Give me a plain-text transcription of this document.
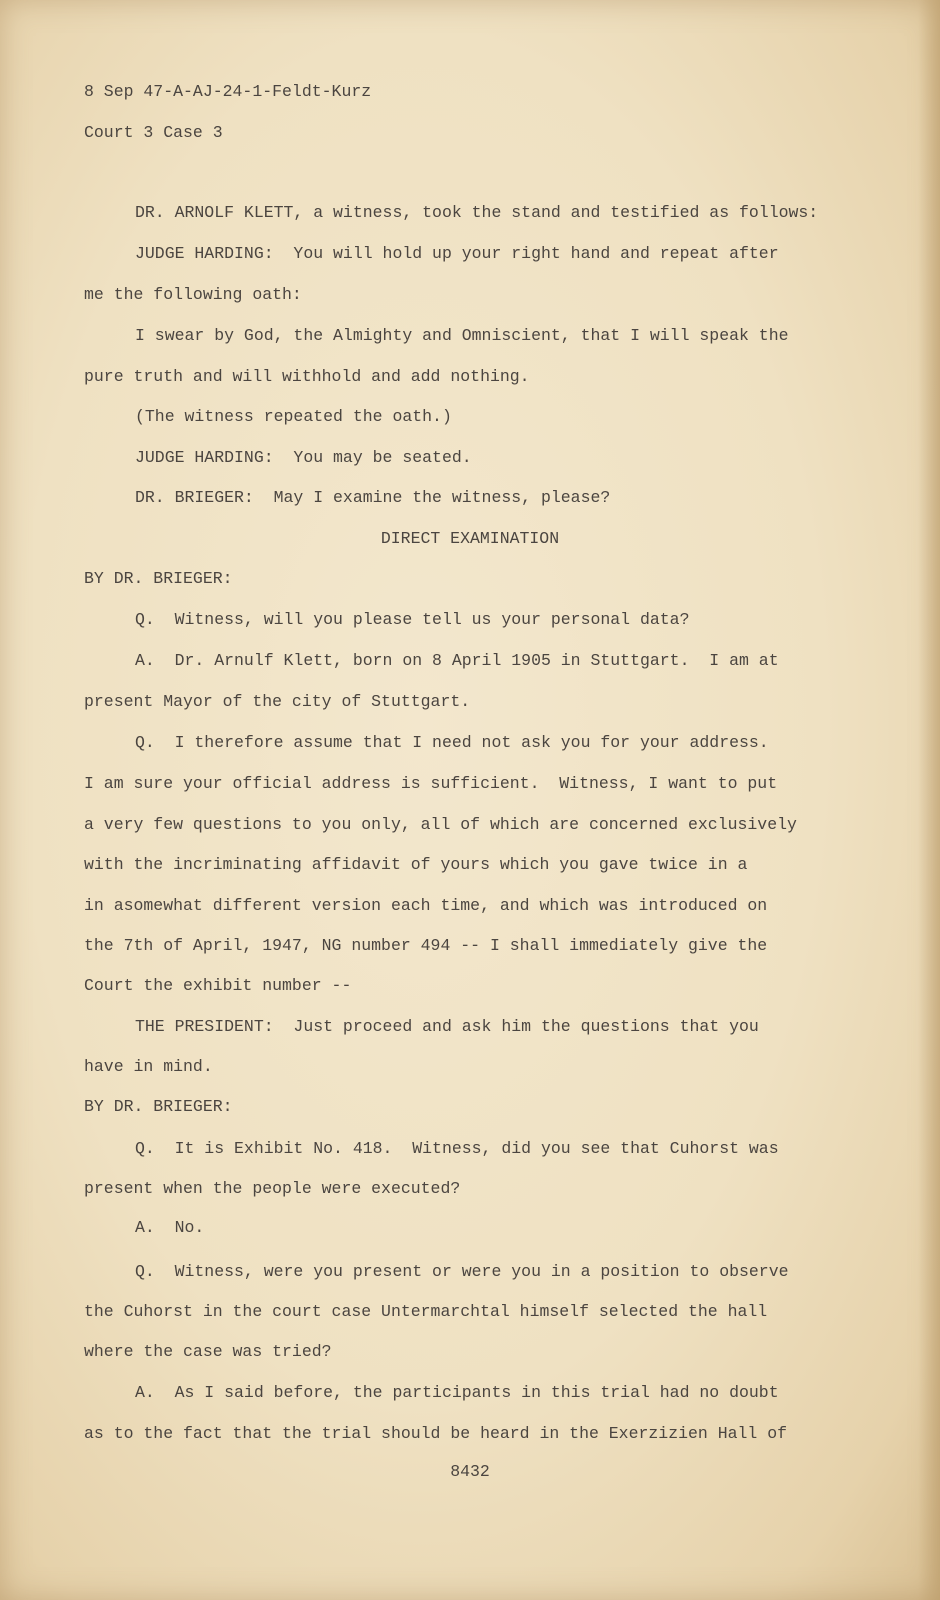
8 Sep 47-A-AJ-24-1-Feldt-Kurz
Court 3 Case 3
DR. ARNOLF KLETT, a witness, took the stand and testified as follows:
JUDGE HARDING:  You will hold up your right hand and repeat after
me the following oath:
I swear by God, the Almighty and Omniscient, that I will speak the
pure truth and will withhold and add nothing.
(The witness repeated the oath.)
JUDGE HARDING:  You may be seated.
DR. BRIEGER:  May I examine the witness, please?
DIRECT EXAMINATION
BY DR. BRIEGER:
Q.  Witness, will you please tell us your personal data?
A.  Dr. Arnulf Klett, born on 8 April 1905 in Stuttgart.  I am at
present Mayor of the city of Stuttgart.
Q.  I therefore assume that I need not ask you for your address.
I am sure your official address is sufficient.  Witness, I want to put
a very few questions to you only, all of which are concerned exclusively
with the incriminating affidavit of yours which you gave twice in a
in asomewhat different version each time, and which was introduced on
the 7th of April, 1947, NG number 494 -- I shall immediately give the
Court the exhibit number --
THE PRESIDENT:  Just proceed and ask him the questions that you
have in mind.
BY DR. BRIEGER:
Q.  It is Exhibit No. 418.  Witness, did you see that Cuhorst was
present when the people were executed?
A.  No.
Q.  Witness, were you present or were you in a position to observe
the Cuhorst in the court case Untermarchtal himself selected the hall
where the case was tried?
A.  As I said before, the participants in this trial had no doubt
as to the fact that the trial should be heard in the Exerzizien Hall of
8432
